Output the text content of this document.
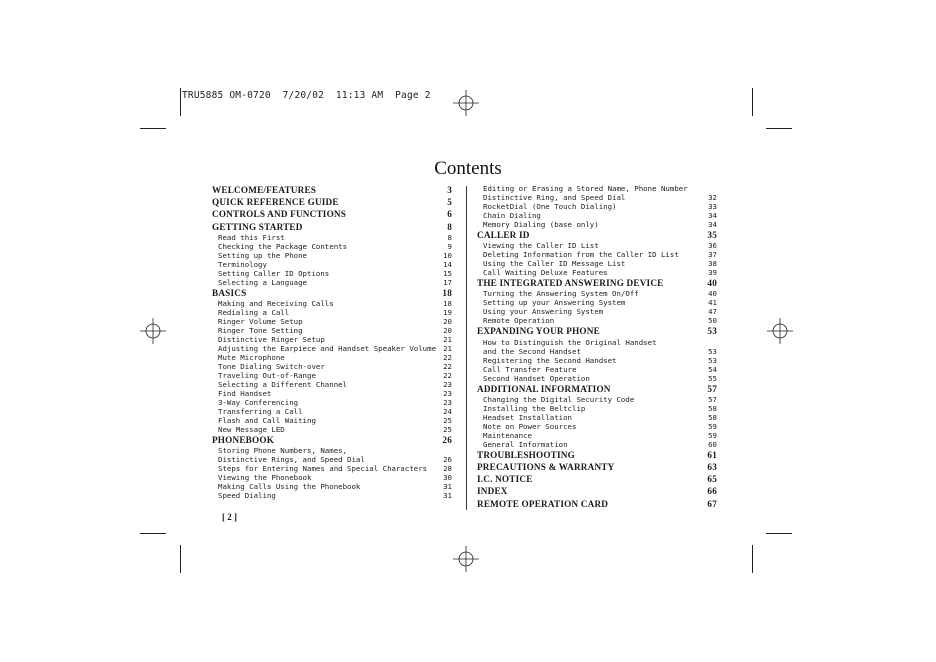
TRU5885 OM-0720  7/20/02  11:13 AM  Page 2
Contents
WELCOME/FEATURES	3
QUICK REFERENCE GUIDE	5
CONTROLS AND FUNCTIONS	6
GETTING STARTED	8
Read this First	8
Checking the Package Contents	9
Setting up the Phone	10
Terminology	14
Setting Caller ID Options	15
Selecting a Language	17
BASICS	18
Making and Receiving Calls	18
Redialing a Call	19
Ringer Volume Setup	20
Ringer Tone Setting	20
Distinctive Ringer Setup	21
Adjusting the Earpiece and Handset Speaker Volume 21
Mute Microphone	22
Tone Dialing Switch-over	22
Traveling Out-of-Range	22
Selecting a Different Channel	23
Find Handset	23
3-Way Conferencing	23
Transferring a Call	24
Flash and Call Waiting	25
New Message LED	25
PHONEBOOK	26
Storing Phone Numbers, Names,
Distinctive Rings, and Speed Dial	26
Steps for Entering Names and Special Characters 28
Viewing the Phonebook	30
Making Calls Using the Phonebook	31
Speed Dialing	31
Editing or Erasing a Stored Name, Phone Number
Distinctive Ring, and Speed Dial	32
RocketDial (One Touch Dialing)	33
Chain Dialing	34
Memory Dialing (base only)	34
CALLER ID	35
Viewing the Caller ID List	36
Deleting Information from the Caller ID List	37
Using the Caller ID Message List	38
Call Waiting Deluxe Features	39
THE INTEGRATED ANSWERING DEVICE	40
Turning the Answering System On/Off	40
Setting up your Answering System	41
Using your Answering System	47
Remote Operation	50
EXPANDING YOUR PHONE	53
How to Distinguish the Original Handset
and the Second Handset	53
Registering the Second Handset	53
Call Transfer Feature	54
Second Handset Operation	55
ADDITIONAL INFORMATION	57
Changing the Digital Security Code	57
Installing the Beltclip	58
Headset Installation	58
Note on Power Sources	59
Maintenance	59
General Information	60
TROUBLESHOOTING	61
PRECAUTIONS & WARRANTY	63
I.C. NOTICE	65
INDEX	66
REMOTE OPERATION CARD	67
[ 2 ]
